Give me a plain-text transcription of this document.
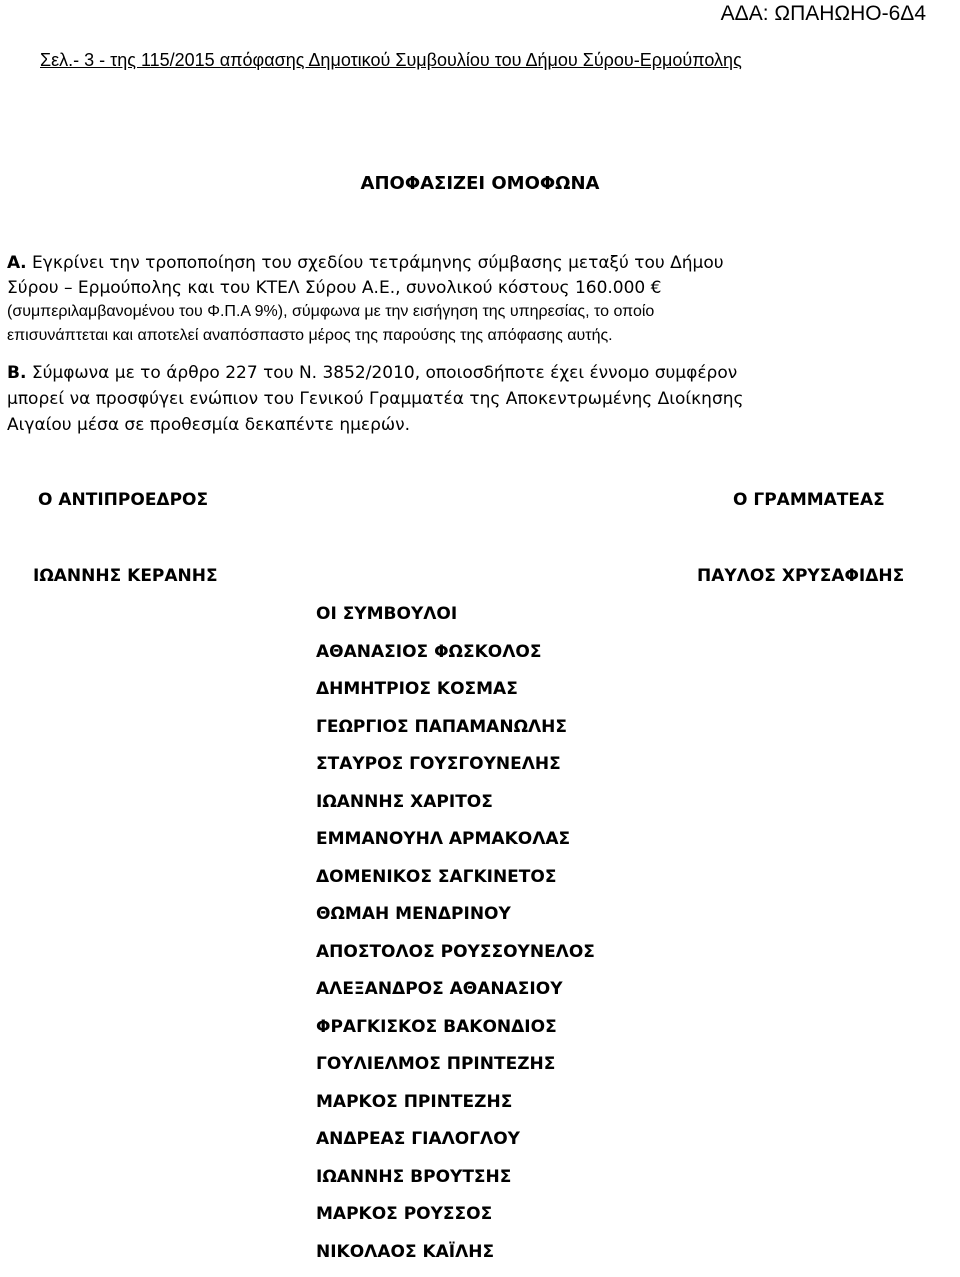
ΑΔΑ: ΩΠΑΗΩΗΟ-6Δ4
Σελ.- 3 - της 115/2015 απόφασης Δημοτικού Συμβουλίου του Δήμου Σύρου-Ερμούπολης
ΑΠΟΦΑΣΙΖΕΙ ΟΜΟΦΩΝΑ
Α. Εγκρίνει την τροποποίηση του σχεδίου τετράμηνης σύμβασης μεταξύ του Δήμου
Σύρου – Ερμούπολης και του ΚΤΕΛ Σύρου Α.Ε., συνολικού κόστους 160.000 €
(συμπεριλαμβανομένου του Φ.Π.Α 9%), σύμφωνα με την εισήγηση της υπηρεσίας, το οποίο
επισυνάπτεται και αποτελεί αναπόσπαστο μέρος της παρούσης της απόφασης αυτής.
Β. Σύμφωνα με το άρθρο 227 του Ν. 3852/2010, οποιοσδήποτε έχει έννομο συμφέρον
μπορεί να προσφύγει ενώπιον του Γενικού Γραμματέα της Αποκεντρωμένης Διοίκησης
Αιγαίου μέσα σε προθεσμία δεκαπέντε ημερών.
Ο ΑΝΤΙΠΡΟΕΔΡΟΣ	Ο ΓΡΑΜΜΑΤΕΑΣ
ΙΩΑΝΝΗΣ ΚΕΡΑΝΗΣ	ΠΑΥΛΟΣ ΧΡΥΣΑΦΙΔΗΣ
ΟΙ ΣΥΜΒΟΥΛΟΙ
ΑΘΑΝΑΣΙΟΣ ΦΩΣΚΟΛΟΣ
ΔΗΜΗΤΡΙΟΣ ΚΟΣΜΑΣ
ΓΕΩΡΓΙΟΣ ΠΑΠΑΜΑΝΩΛΗΣ
ΣΤΑΥΡΟΣ ΓΟΥΣΓΟΥΝΕΛΗΣ
ΙΩΑΝΝΗΣ ΧΑΡΙΤΟΣ
ΕΜΜΑΝΟΥΗΛ ΑΡΜΑΚΟΛΑΣ
ΔΟΜΕΝΙΚΟΣ ΣΑΓΚΙΝΕΤΟΣ
ΘΩΜΑΗ ΜΕΝΔΡΙΝΟΥ
ΑΠΟΣΤΟΛΟΣ ΡΟΥΣΣΟΥΝΕΛΟΣ
ΑΛΕΞΑΝΔΡΟΣ ΑΘΑΝΑΣΙΟΥ
ΦΡΑΓΚΙΣΚΟΣ ΒΑΚΟΝΔΙΟΣ
ΓΟΥΛΙΕΛΜΟΣ ΠΡΙΝΤΕΖΗΣ
ΜΑΡΚΟΣ ΠΡΙΝΤΕΖΗΣ
ΑΝΔΡΕΑΣ ΓΙΑΛΟΓΛΟΥ
ΙΩΑΝΝΗΣ ΒΡΟΥΤΣΗΣ
ΜΑΡΚΟΣ ΡΟΥΣΣΟΣ
ΝΙΚΟΛΑΟΣ ΚΑΪΛΗΣ
